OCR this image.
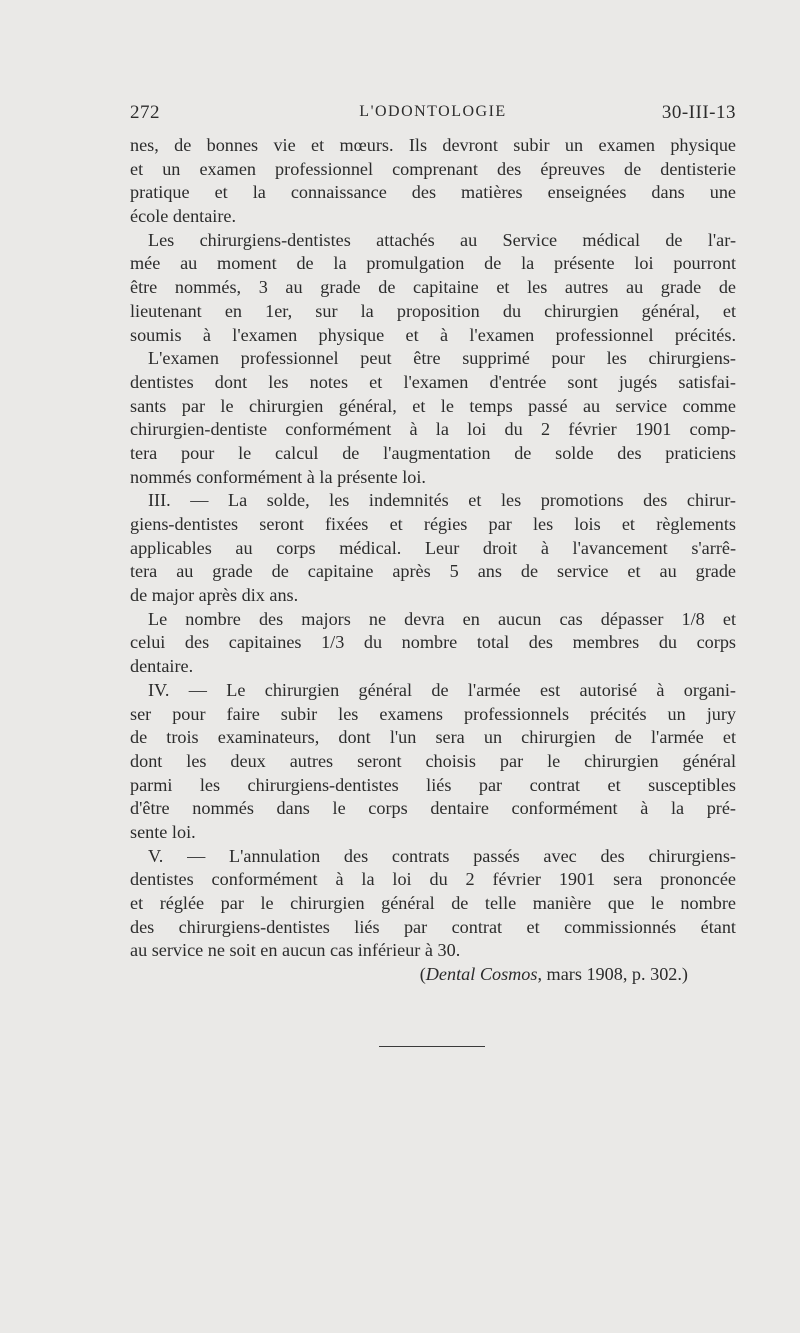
272	L'ODONTOLOGIE	30-III-13
nes, de bonnes vie et mœurs. Ils devront subir un examen physique
et un examen professionnel comprenant des épreuves de dentisterie
pratique et la connaissance des matières enseignées dans une
école dentaire.
Les chirurgiens-dentistes attachés au Service médical de l'ar-
mée au moment de la promulgation de la présente loi pourront
être nommés, 3 au grade de capitaine et les autres au grade de
lieutenant en 1er, sur la proposition du chirurgien général, et
soumis à l'examen physique et à l'examen professionnel précités.
L'examen professionnel peut être supprimé pour les chirurgiens-
dentistes dont les notes et l'examen d'entrée sont jugés satisfai-
sants par le chirurgien général, et le temps passé au service comme
chirurgien-dentiste conformément à la loi du 2 février 1901 comp-
tera pour le calcul de l'augmentation de solde des praticiens
nommés conformément à la présente loi.
III. — La solde, les indemnités et les promotions des chirur-
giens-dentistes seront fixées et régies par les lois et règlements
applicables au corps médical. Leur droit à l'avancement s'arrê-
tera au grade de capitaine après 5 ans de service et au grade
de major après dix ans.
Le nombre des majors ne devra en aucun cas dépasser 1/8 et
celui des capitaines 1/3 du nombre total des membres du corps
dentaire.
IV. — Le chirurgien général de l'armée est autorisé à organi-
ser pour faire subir les examens professionnels précités un jury
de trois examinateurs, dont l'un sera un chirurgien de l'armée et
dont les deux autres seront choisis par le chirurgien général
parmi les chirurgiens-dentistes liés par contrat et susceptibles
d'être nommés dans le corps dentaire conformément à la pré-
sente loi.
V. — L'annulation des contrats passés avec des chirurgiens-
dentistes conformément à la loi du 2 février 1901 sera prononcée
et réglée par le chirurgien général de telle manière que le nombre
des chirurgiens-dentistes liés par contrat et commissionnés étant
au service ne soit en aucun cas inférieur à 30.
(Dental Cosmos, mars 1908, p. 302.)
